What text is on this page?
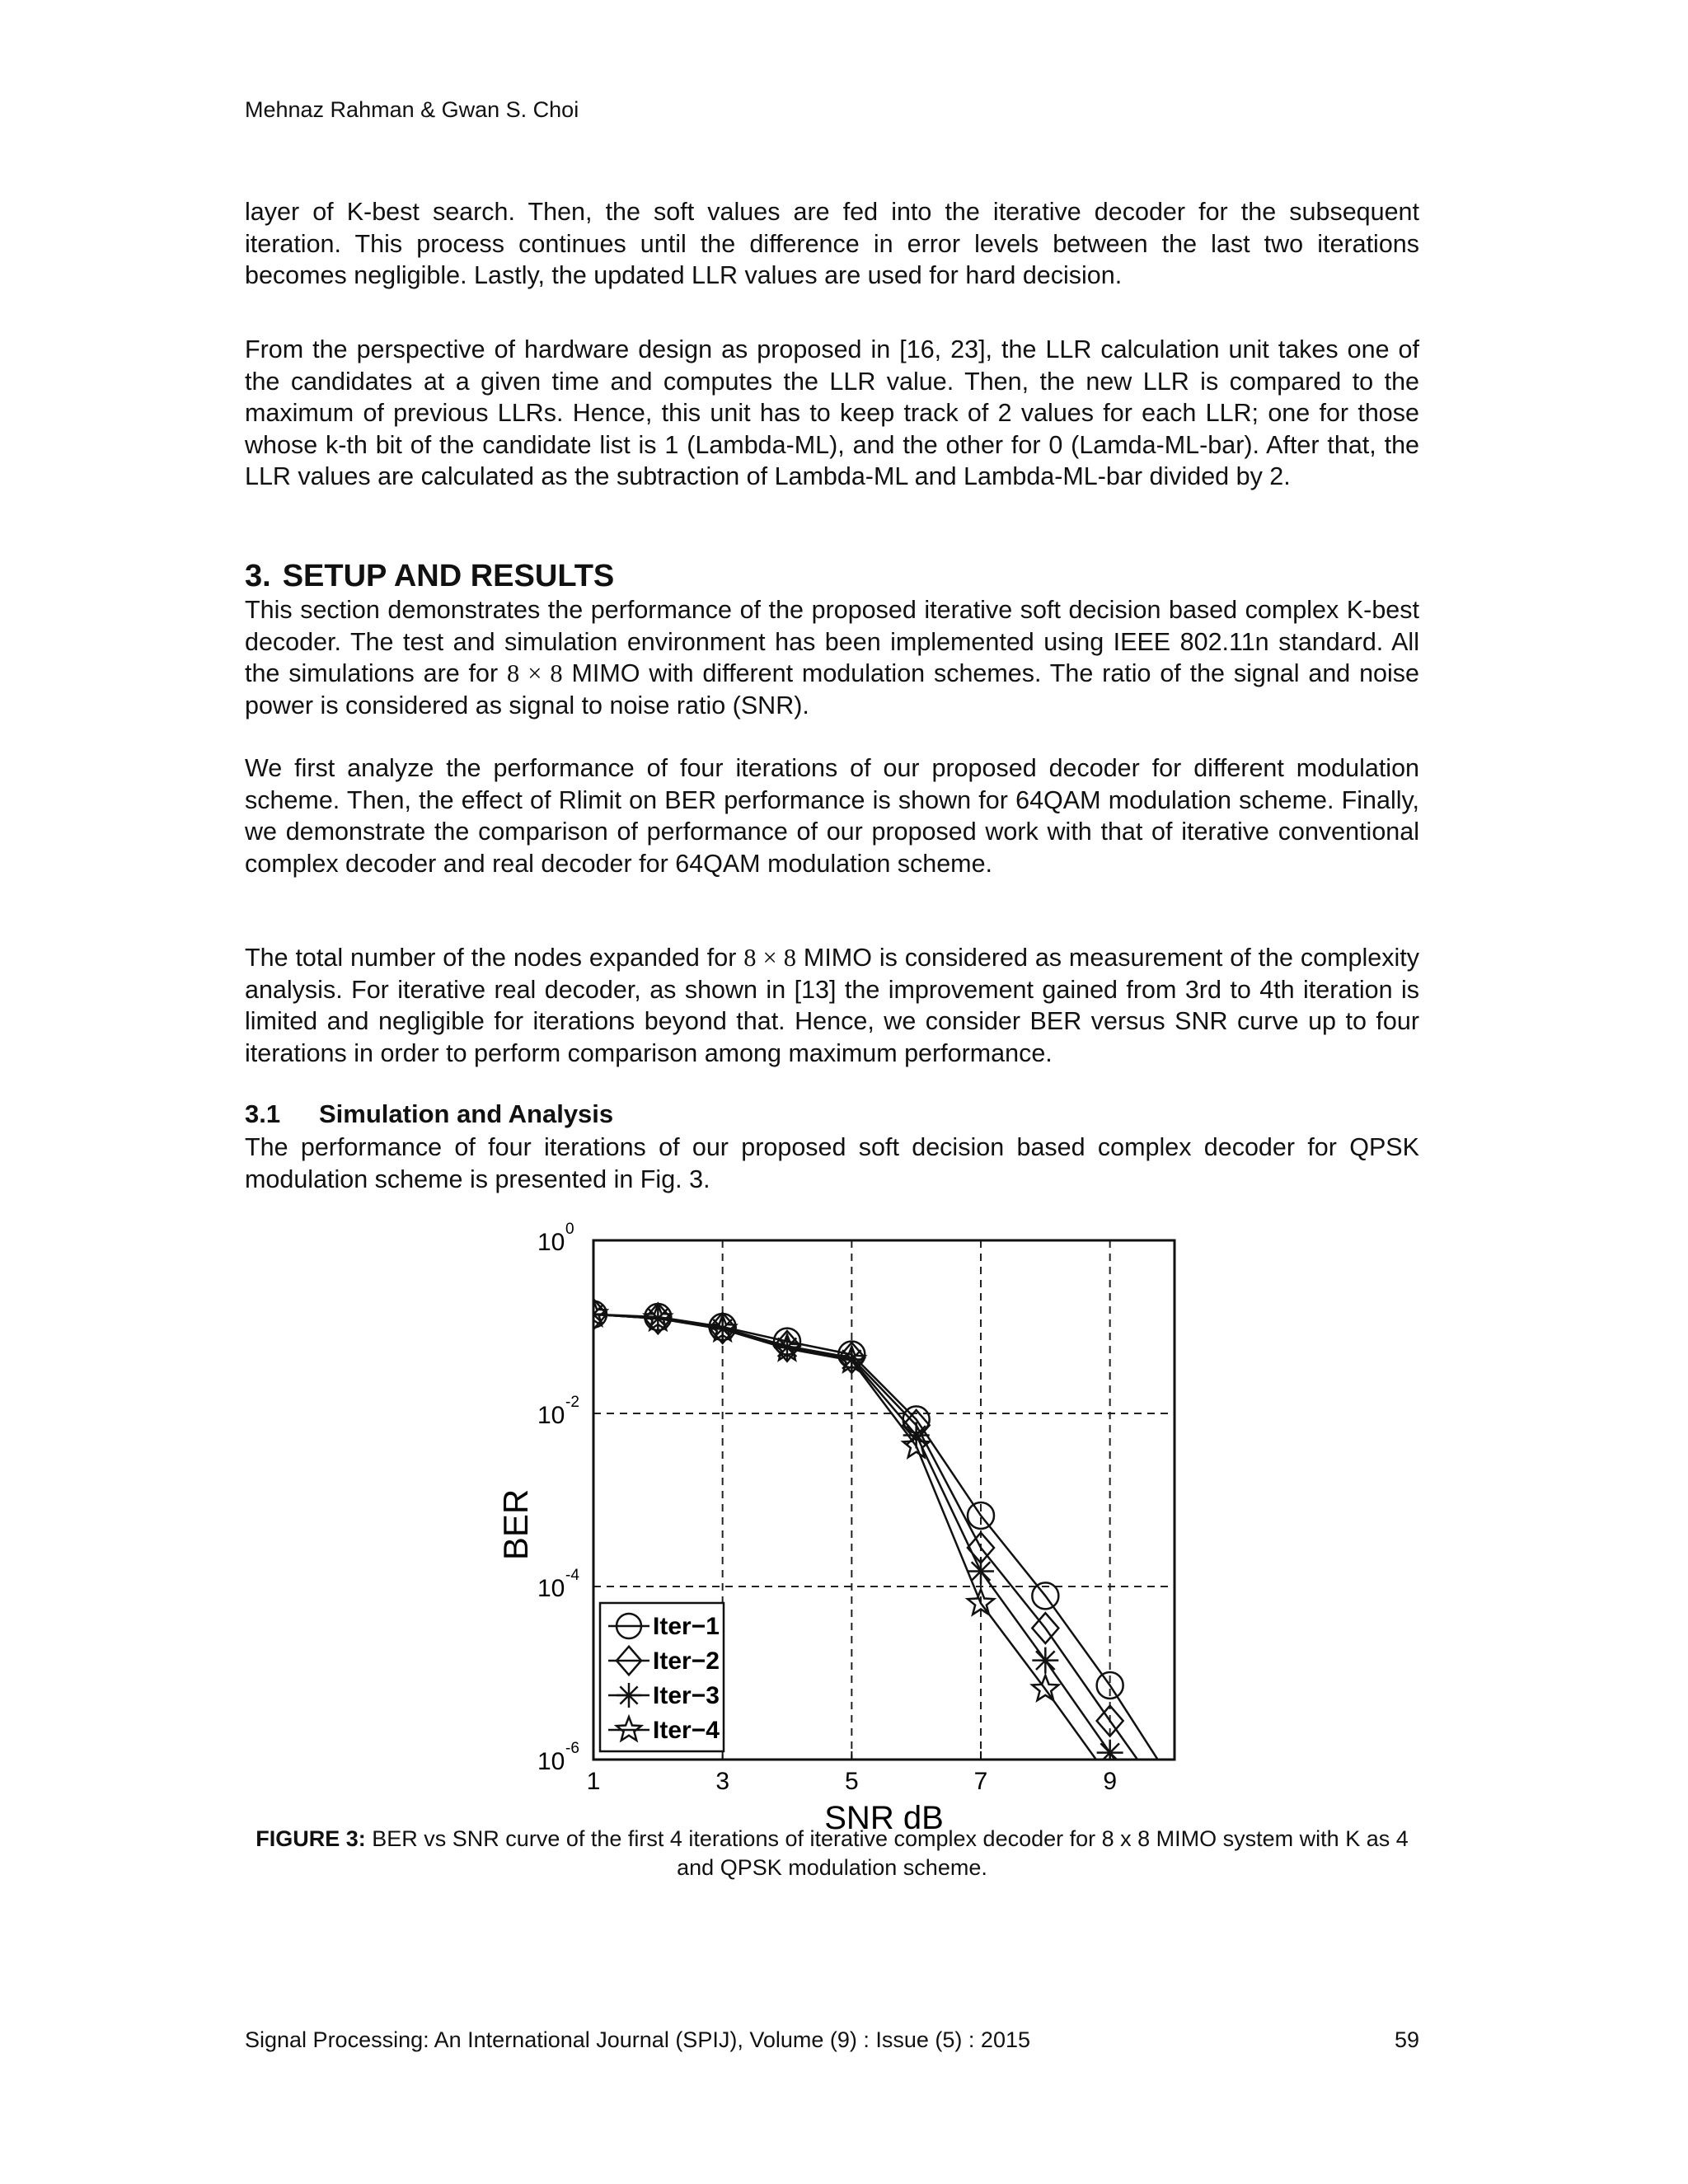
Mehnaz Rahman & Gwan S. Choi

layer of K-best search. Then, the soft values are fed into the iterative decoder for the subsequent iteration. This process continues until the difference in error levels between the last two iterations becomes negligible. Lastly, the updated LLR values are used for hard decision.

From the perspective of hardware design as proposed in [16, 23], the LLR calculation unit takes one of the candidates at a given time and computes the LLR value. Then, the new LLR is compared to the maximum of previous LLRs. Hence, this unit has to keep track of 2 values for each LLR; one for those whose k-th bit of the candidate list is 1 (Lambda-ML), and the other for 0 (Lamda-ML-bar). After that, the LLR values are calculated as the subtraction of Lambda-ML and Lambda-ML-bar divided by 2.

3. SETUP AND RESULTS

This section demonstrates the performance of the proposed iterative soft decision based complex K-best decoder. The test and simulation environment has been implemented using IEEE 802.11n standard. All the simulations are for 8 × 8 MIMO with different modulation schemes. The ratio of the signal and noise power is considered as signal to noise ratio (SNR).

We first analyze the performance of four iterations of our proposed decoder for different modulation scheme. Then, the effect of Rlimit on BER performance is shown for 64QAM modulation scheme. Finally, we demonstrate the comparison of performance of our proposed work with that of iterative conventional complex decoder and real decoder for 64QAM modulation scheme.

The total number of the nodes expanded for 8 × 8 MIMO is considered as measurement of the complexity analysis. For iterative real decoder, as shown in [13] the improvement gained from 3rd to 4th iteration is limited and negligible for iterations beyond that. Hence, we consider BER versus SNR curve up to four iterations in order to perform comparison among maximum performance.

3.1 Simulation and Analysis

The performance of four iterations of our proposed soft decision based complex decoder for QPSK modulation scheme is presented in Fig. 3.

1	3	5	7	9
10 0
10 -2
10 -4
10 -6
SNR dB
BER
Iter−1
Iter−2
Iter−3
Iter−4
FIGURE 3: BER vs SNR curve of the first 4 iterations of iterative complex decoder for 8 x 8 MIMO system with K as 4 and QPSK modulation scheme.
Signal Processing: An International Journal (SPIJ), Volume (9) : Issue (5) : 2015	59
